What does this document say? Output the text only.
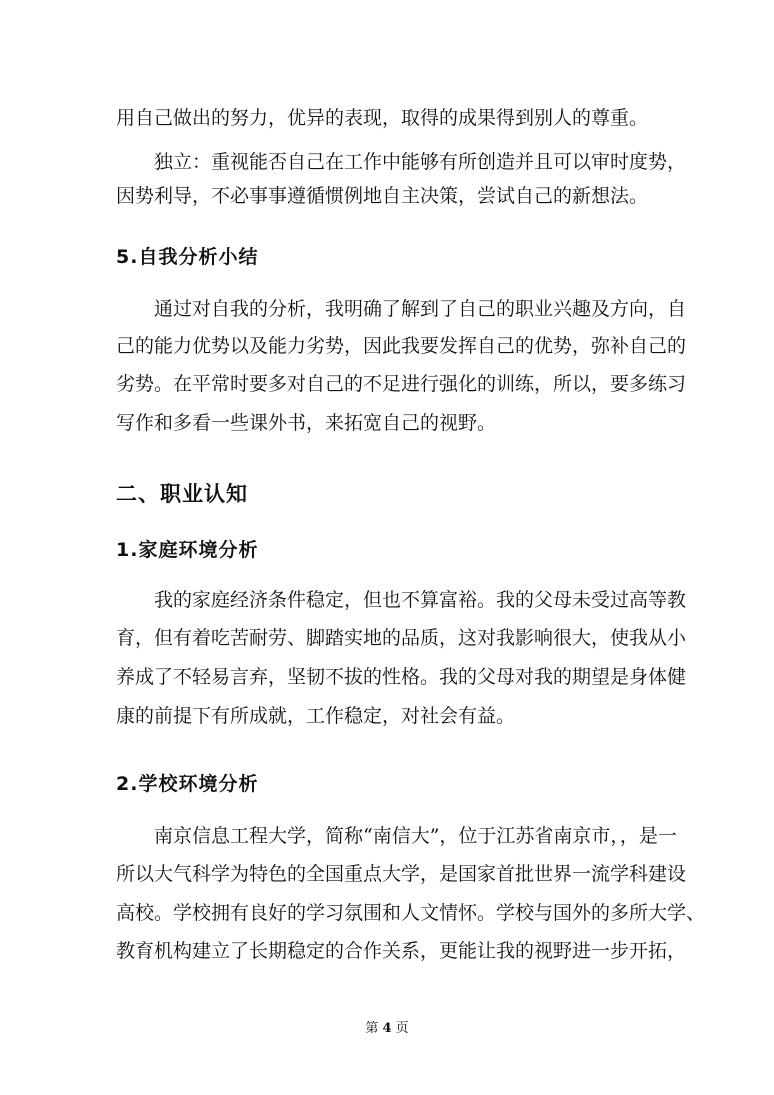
用自己做出的努力，优异的表现，取得的成果得到别人的尊重。

独立：重视能否自己在工作中能够有所创造并且可以审时度势，

因势利导，不必事事遵循惯例地自主决策，尝试自己的新想法。

5.自我分析小结

通过对自我的分析，我明确了解到了自己的职业兴趣及方向，自

己的能力优势以及能力劣势，因此我要发挥自己的优势，弥补自己的

劣势。在平常时要多对自己的不足进行强化的训练，所以，要多练习

写作和多看一些课外书，来拓宽自己的视野。

二、职业认知
1.家庭环境分析

我的家庭经济条件稳定，但也不算富裕。我的父母未受过高等教

育，但有着吃苦耐劳、脚踏实地的品质，这对我影响很大，使我从小

养成了不轻易言弃，坚韧不拔的性格。我的父母对我的期望是身体健

康的前提下有所成就，工作稳定，对社会有益。

2.学校环境分析

南京信息工程大学，简称“南信大”，位于江苏省南京市，，是一

所以大气科学为特色的全国重点大学，是国家首批世界一流学科建设

高校。学校拥有良好的学习氛围和人文情怀。学校与国外的多所大学、

教育机构建立了长期稳定的合作关系，更能让我的视野进一步开拓，

第 4 页
